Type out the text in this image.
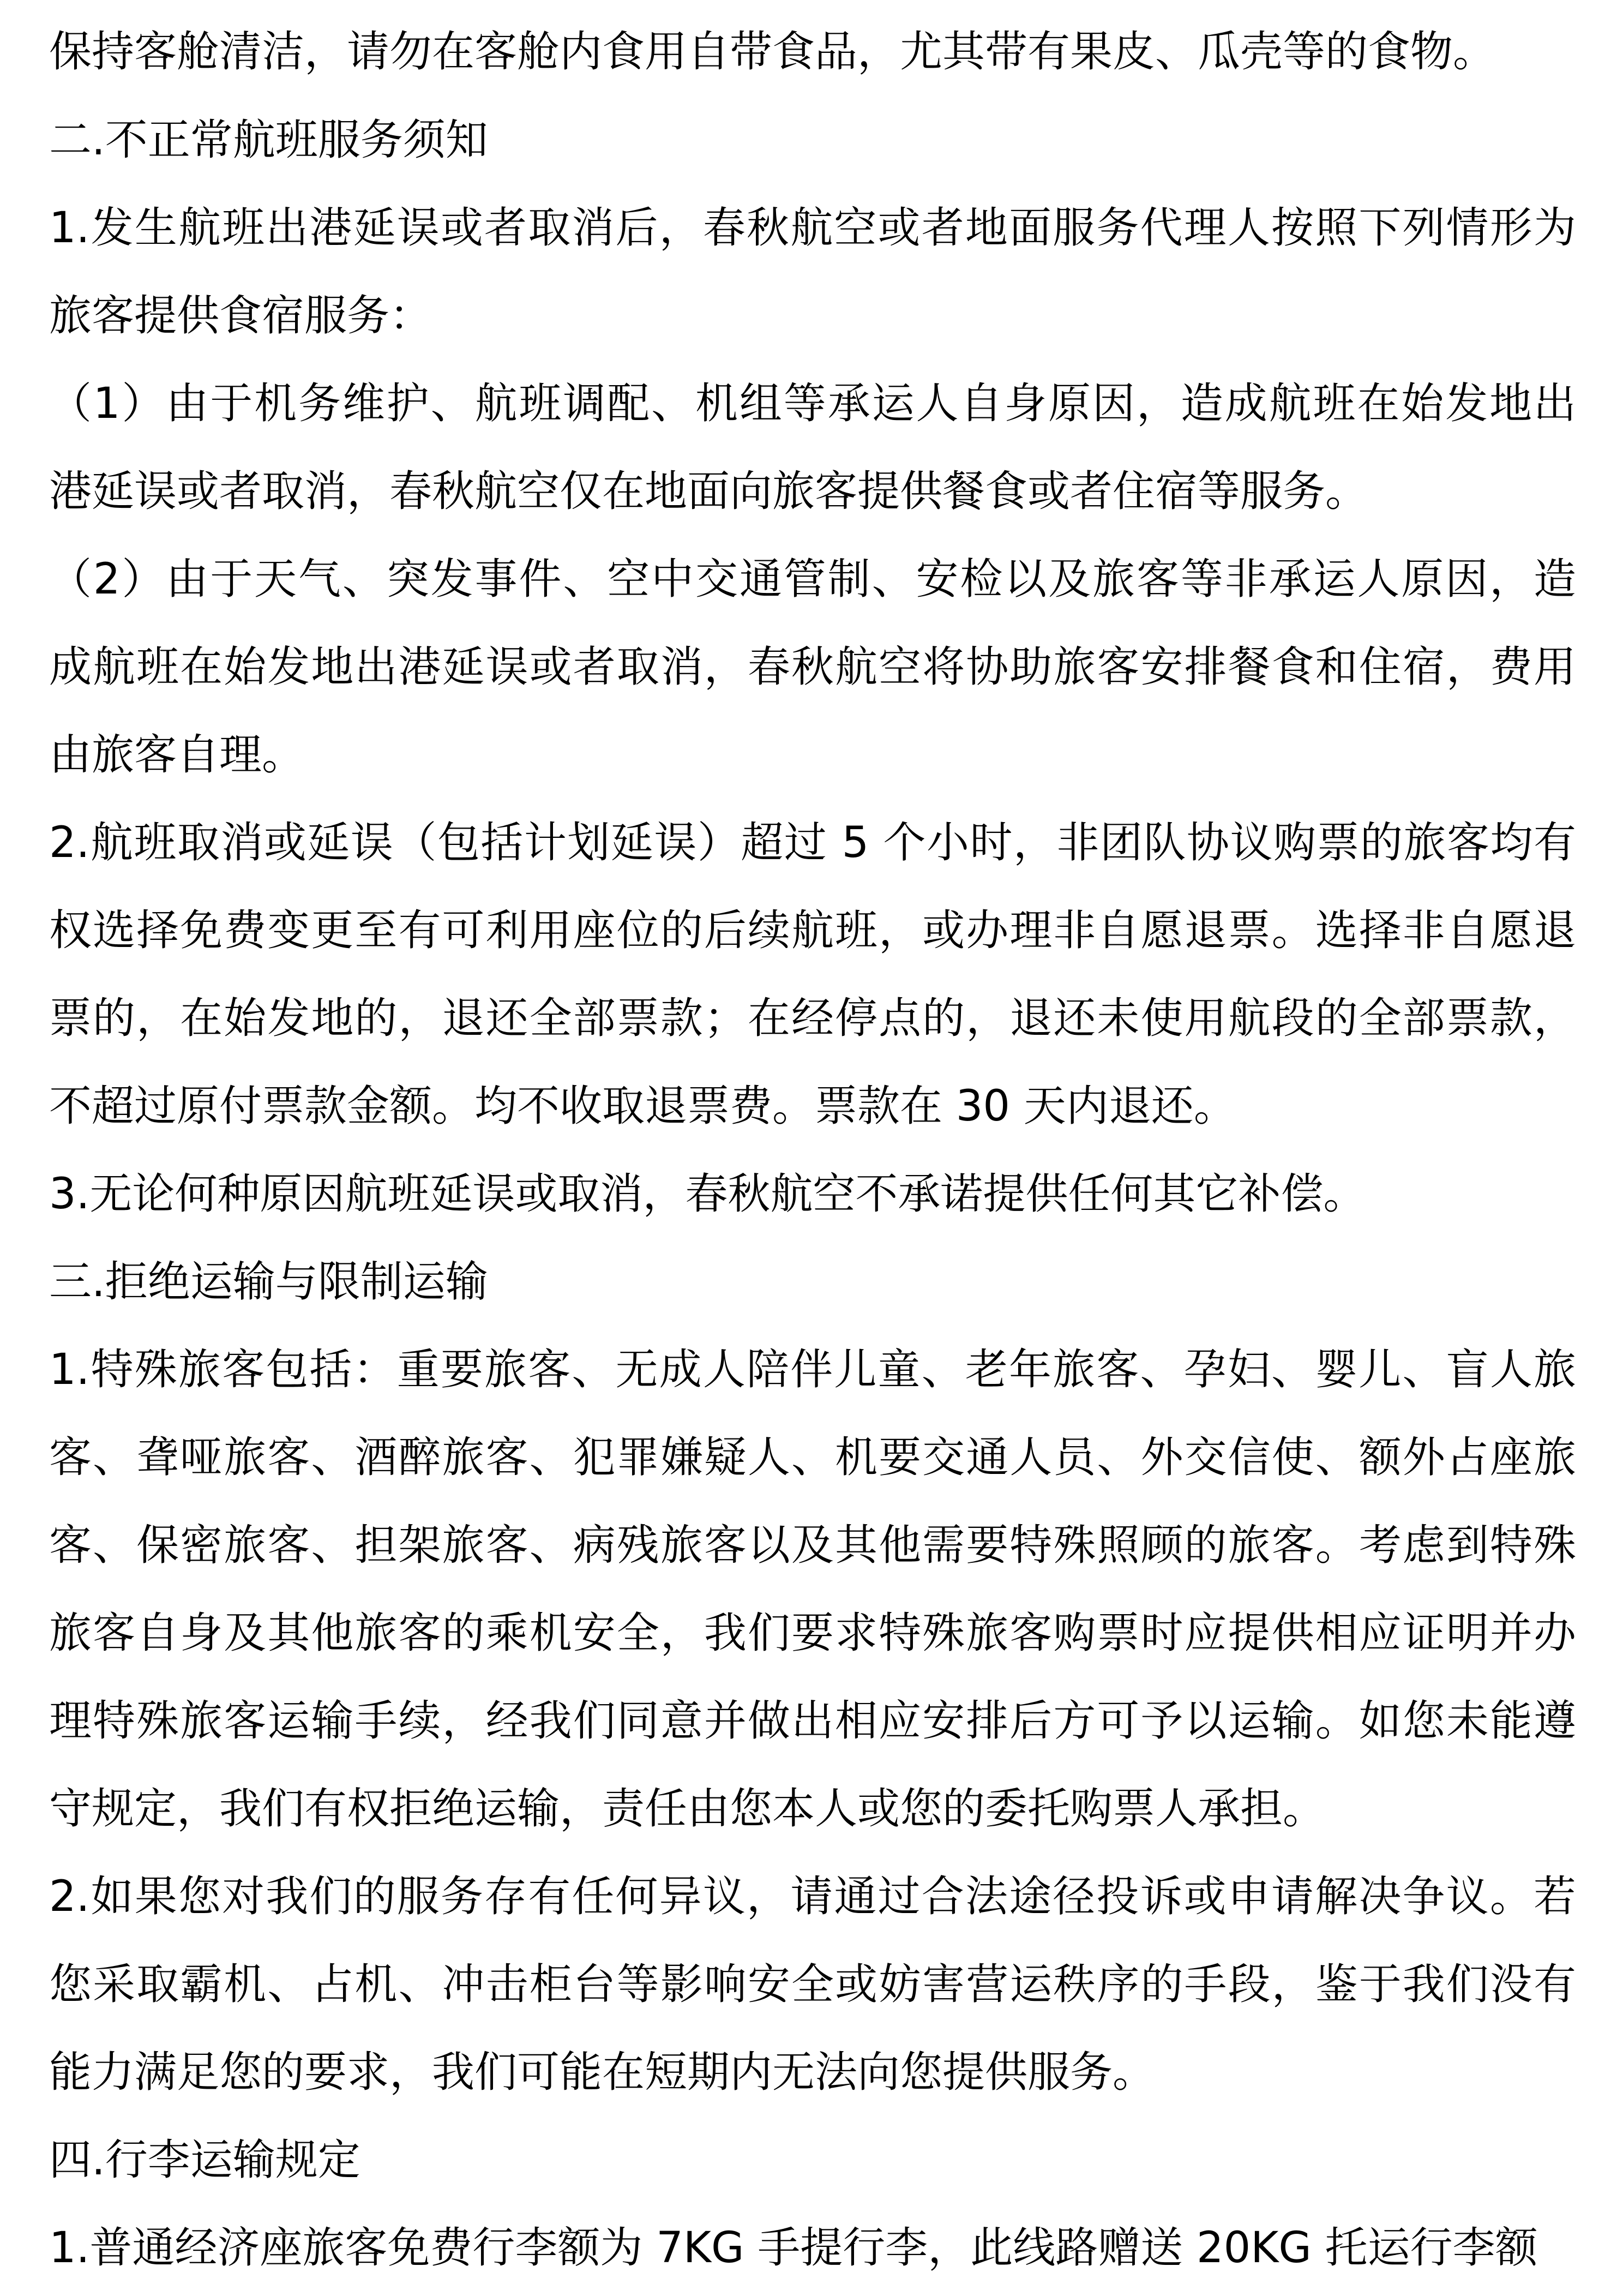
保持客舱清洁，请勿在客舱内食用自带食品，尤其带有果皮、瓜壳等的食物。
二.不正常航班服务须知
1.发生航班出港延误或者取消后，春秋航空或者地面服务代理人按照下列情形为
旅客提供食宿服务：
（1）由于机务维护、航班调配、机组等承运人自身原因，造成航班在始发地出
港延误或者取消，春秋航空仅在地面向旅客提供餐食或者住宿等服务。
（2）由于天气、突发事件、空中交通管制、安检以及旅客等非承运人原因，造
成航班在始发地出港延误或者取消，春秋航空将协助旅客安排餐食和住宿，费用
由旅客自理。
2.航班取消或延误（包括计划延误）超过 5 个小时，非团队协议购票的旅客均有
权选择免费变更至有可利用座位的后续航班，或办理非自愿退票。选择非自愿退
票的，在始发地的，退还全部票款；在经停点的，退还未使用航段的全部票款，
不超过原付票款金额。均不收取退票费。票款在 30 天内退还。
3.无论何种原因航班延误或取消，春秋航空不承诺提供任何其它补偿。
三.拒绝运输与限制运输
1.特殊旅客包括：重要旅客、无成人陪伴儿童、老年旅客、孕妇、婴儿、盲人旅
客、聋哑旅客、酒醉旅客、犯罪嫌疑人、机要交通人员、外交信使、额外占座旅
客、保密旅客、担架旅客、病残旅客以及其他需要特殊照顾的旅客。考虑到特殊
旅客自身及其他旅客的乘机安全，我们要求特殊旅客购票时应提供相应证明并办
理特殊旅客运输手续，经我们同意并做出相应安排后方可予以运输。如您未能遵
守规定，我们有权拒绝运输，责任由您本人或您的委托购票人承担。
2.如果您对我们的服务存有任何异议，请通过合法途径投诉或申请解决争议。若
您采取霸机、占机、冲击柜台等影响安全或妨害营运秩序的手段，鉴于我们没有
能力满足您的要求，我们可能在短期内无法向您提供服务。
四.行李运输规定
1.普通经济座旅客免费行李额为 7KG 手提行李，此线路赠送 20KG 托运行李额
